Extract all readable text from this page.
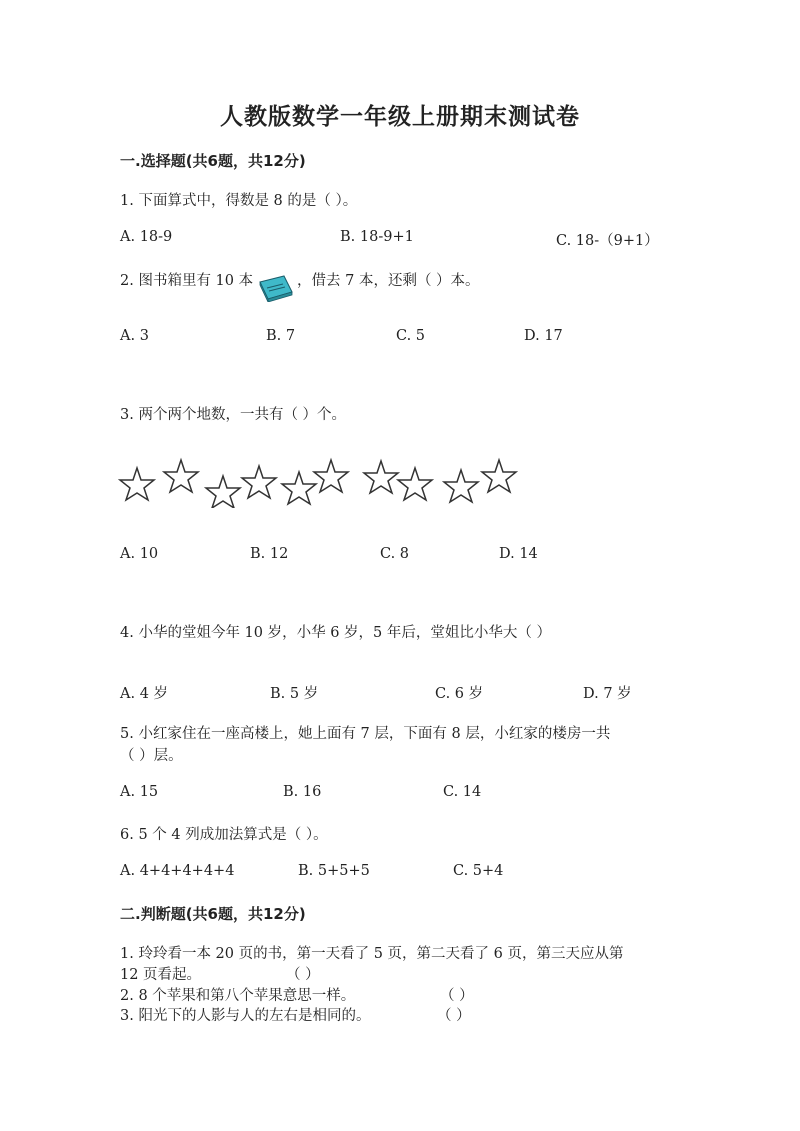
人教版数学一年级上册期末测试卷
一.选择题(共6题，共12分)
1. 下面算式中，得数是 8 的是（ ）。
A. 18-9	B. 18-9+1	C. 18-（9+1）
2. 图书箱里有 10 本	，借去 7 本，还剩（ ）本。
A. 3	B. 7	C. 5	D. 17
3. 两个两个地数，一共有（ ）个。
A. 10	B. 12	C. 8	D. 14
4. 小华的堂姐今年 10 岁，小华 6 岁，5 年后，堂姐比小华大（ ）
A. 4 岁	B. 5 岁	C. 6 岁	D. 7 岁
5. 小红家住在一座高楼上，她上面有 7 层，下面有 8 层，小红家的楼房一共
（ ）层。
A. 15	B. 16	C. 14
6. 5 个 4 列成加法算式是（ ）。
A. 4+4+4+4+4	B. 5+5+5	C. 5+4
二.判断题(共6题，共12分)
1. 玲玲看一本 20 页的书，第一天看了 5 页，第二天看了 6 页，第三天应从第
12 页看起。	（ ）
2. 8 个苹果和第八个苹果意思一样。	（ ）
3. 阳光下的人影与人的左右是相同的。	（ ）
